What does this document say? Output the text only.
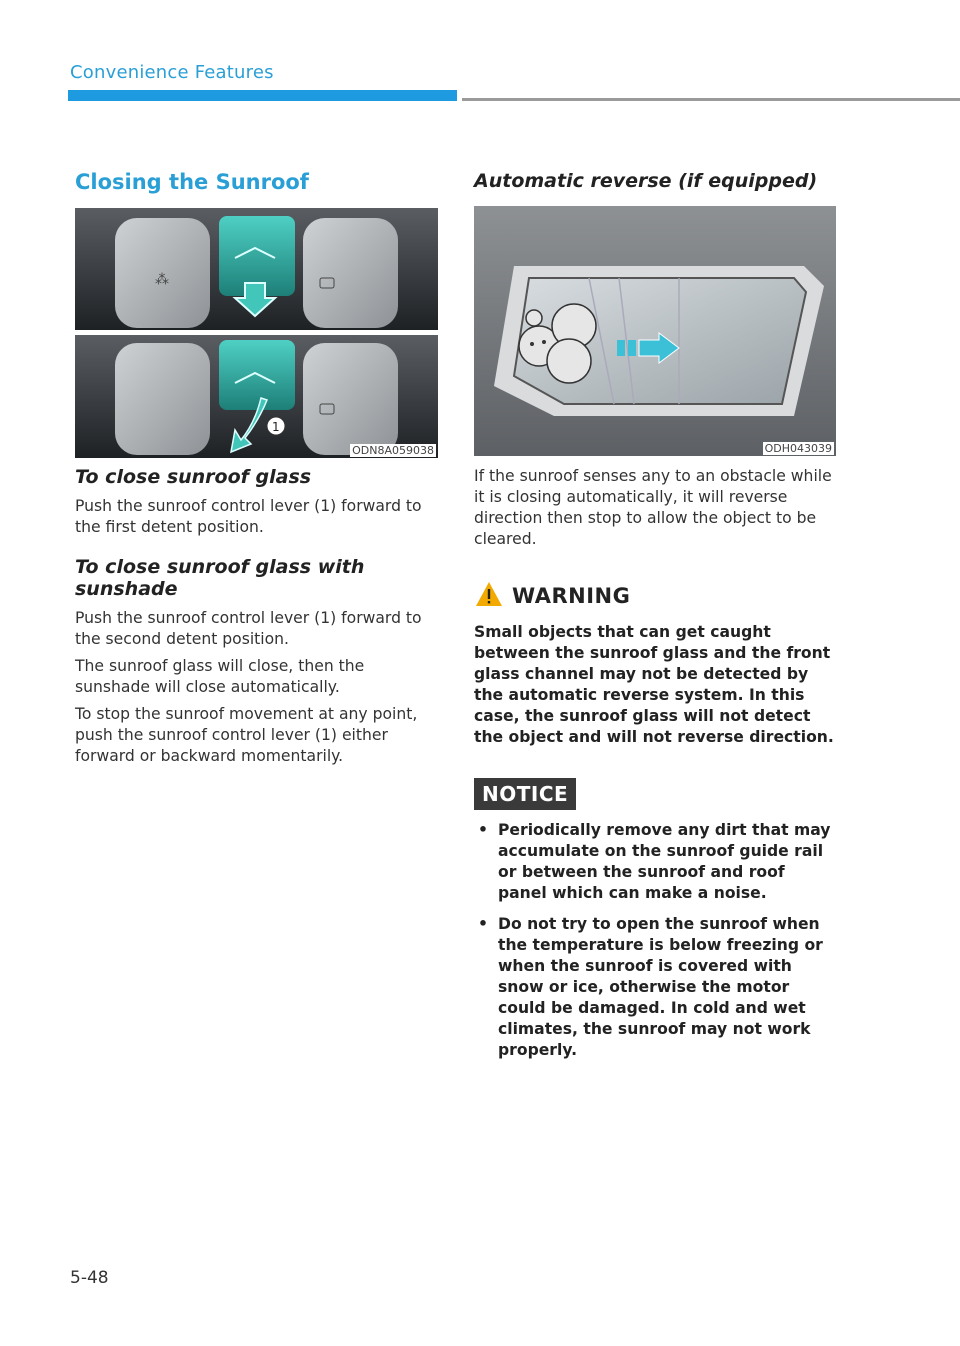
Convenience Features
Closing the Sunroof
⁂
1
ODN8A059038
To close sunroof glass

Push the sunroof control lever (1) forward to the first detent position.

To close sunroof glass with sunshade

Push the sunroof control lever (1) forward to the second detent position.

The sunroof glass will close, then the sunshade will close automatically.

To stop the sunroof movement at any point, push the sunroof control lever (1) either forward or backward momentarily.

Automatic reverse (if equipped)
ODH043039

If the sunroof senses any to an obstacle while it is closing automatically, it will reverse direction then stop to allow the object to be cleared.

WARNING
Small objects that can get caught between the sunroof glass and the front glass channel may not be detected by the automatic reverse system. In this case, the sunroof glass will not detect the object and will not reverse direction.
NOTICE
• Periodically remove any dirt that may accumulate on the sunroof guide rail or between the sunroof and roof panel which can make a noise.
• Do not try to open the sunroof when the temperature is below freezing or when the sunroof is covered with snow or ice, otherwise the motor could be damaged. In cold and wet climates, the sunroof may not work properly.
5-48
